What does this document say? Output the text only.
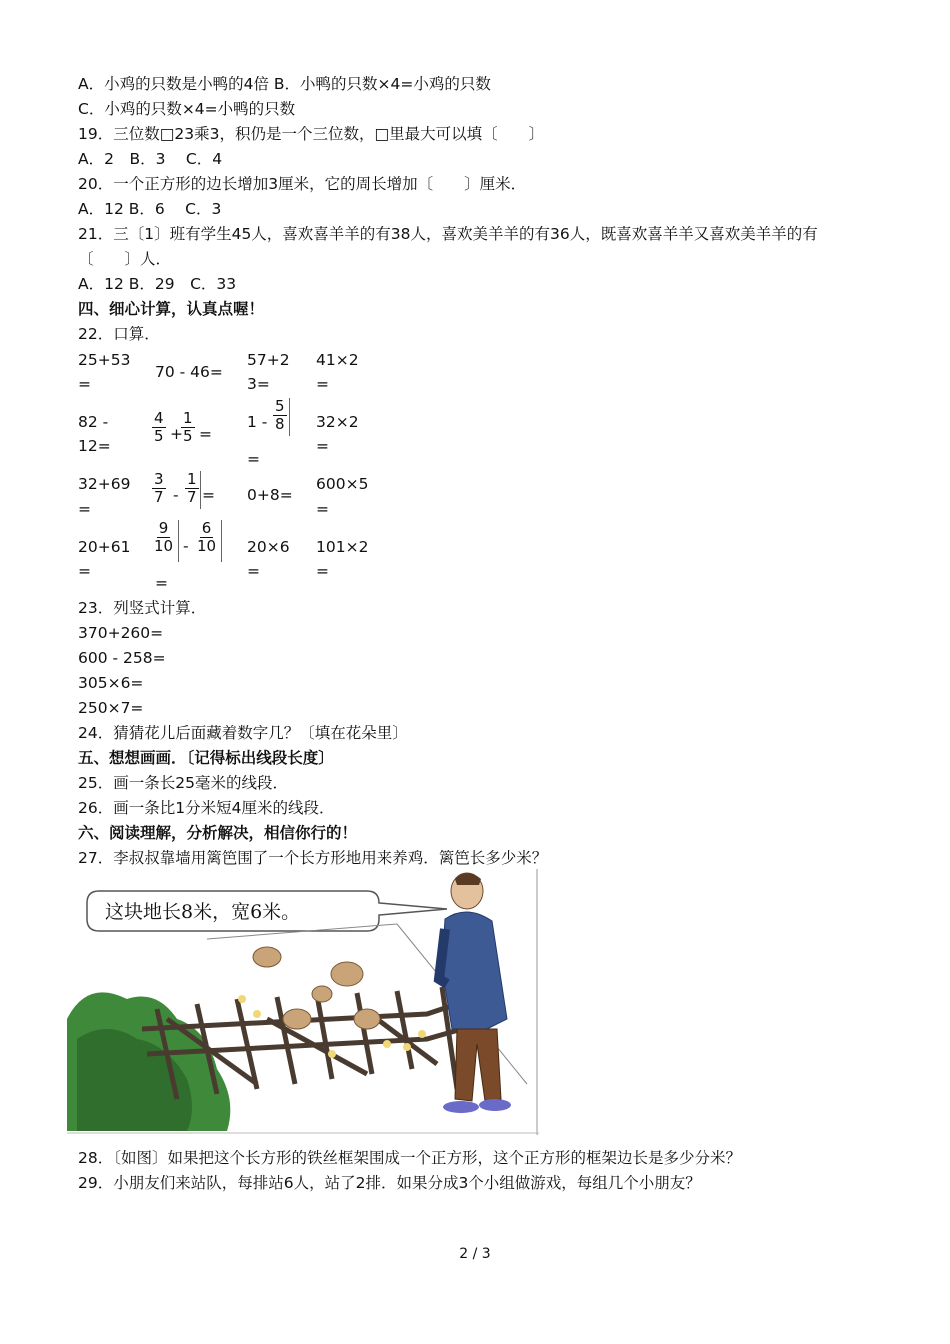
A．小鸡的只数是小鸭的4倍 B．小鸭的只数×4=小鸡的只数
C．小鸡的只数×4=小鸭的只数
19．三位数□23乘3，积仍是一个三位数，□里最大可以填〔　　〕
A．2　B．3　 C．4
20．一个正方形的边长增加3厘米，它的周长增加〔　　〕厘米．
A．12 B．6　 C．3
21．三〔1〕班有学生45人，喜欢喜羊羊的有38人，喜欢美羊羊的有36人，既喜欢喜羊羊又喜欢美羊羊的有
〔　　〕人．
A．12 B．29　C．33
四、细心计算，认真点喔！
22．口算．
25+53
=
70 - 46=
57+2
3=
41×2
=
82 -
12=
$\frac{4}{5}$ +
$\frac{1}{5}$ =
$1 - \frac{5}{8}$
=
32×2
=
32+69
=
$\frac{3}{7} - \frac{1}{7} = 0+8=$
600×5
=
20+61
=
$\frac{9}{10} - \frac{6}{10}$
=
20×6
=
101×2
=
23．列竖式计算．
370+260=
600 - 258=
305×6=
250×7=
24．猜猜花儿后面藏着数字几？〔填在花朵里〕
五、想想画画．〔记得标出线段长度〕
25．画一条长25毫米的线段．
26．画一条比1分米短4厘米的线段．
六、阅读理解，分析解决，相信你行的！
27．李叔叔靠墙用篱笆围了一个长方形地用来养鸡．篱笆长多少米？
这块地长8米，宽6米。
28．〔如图〕如果把这个长方形的铁丝框架围成一个正方形，这个正方形的框架边长是多少分米？
29．小朋友们来站队，每排站6人，站了2排．如果分成3个小组做游戏，每组几个小朋友？
2 / 3
